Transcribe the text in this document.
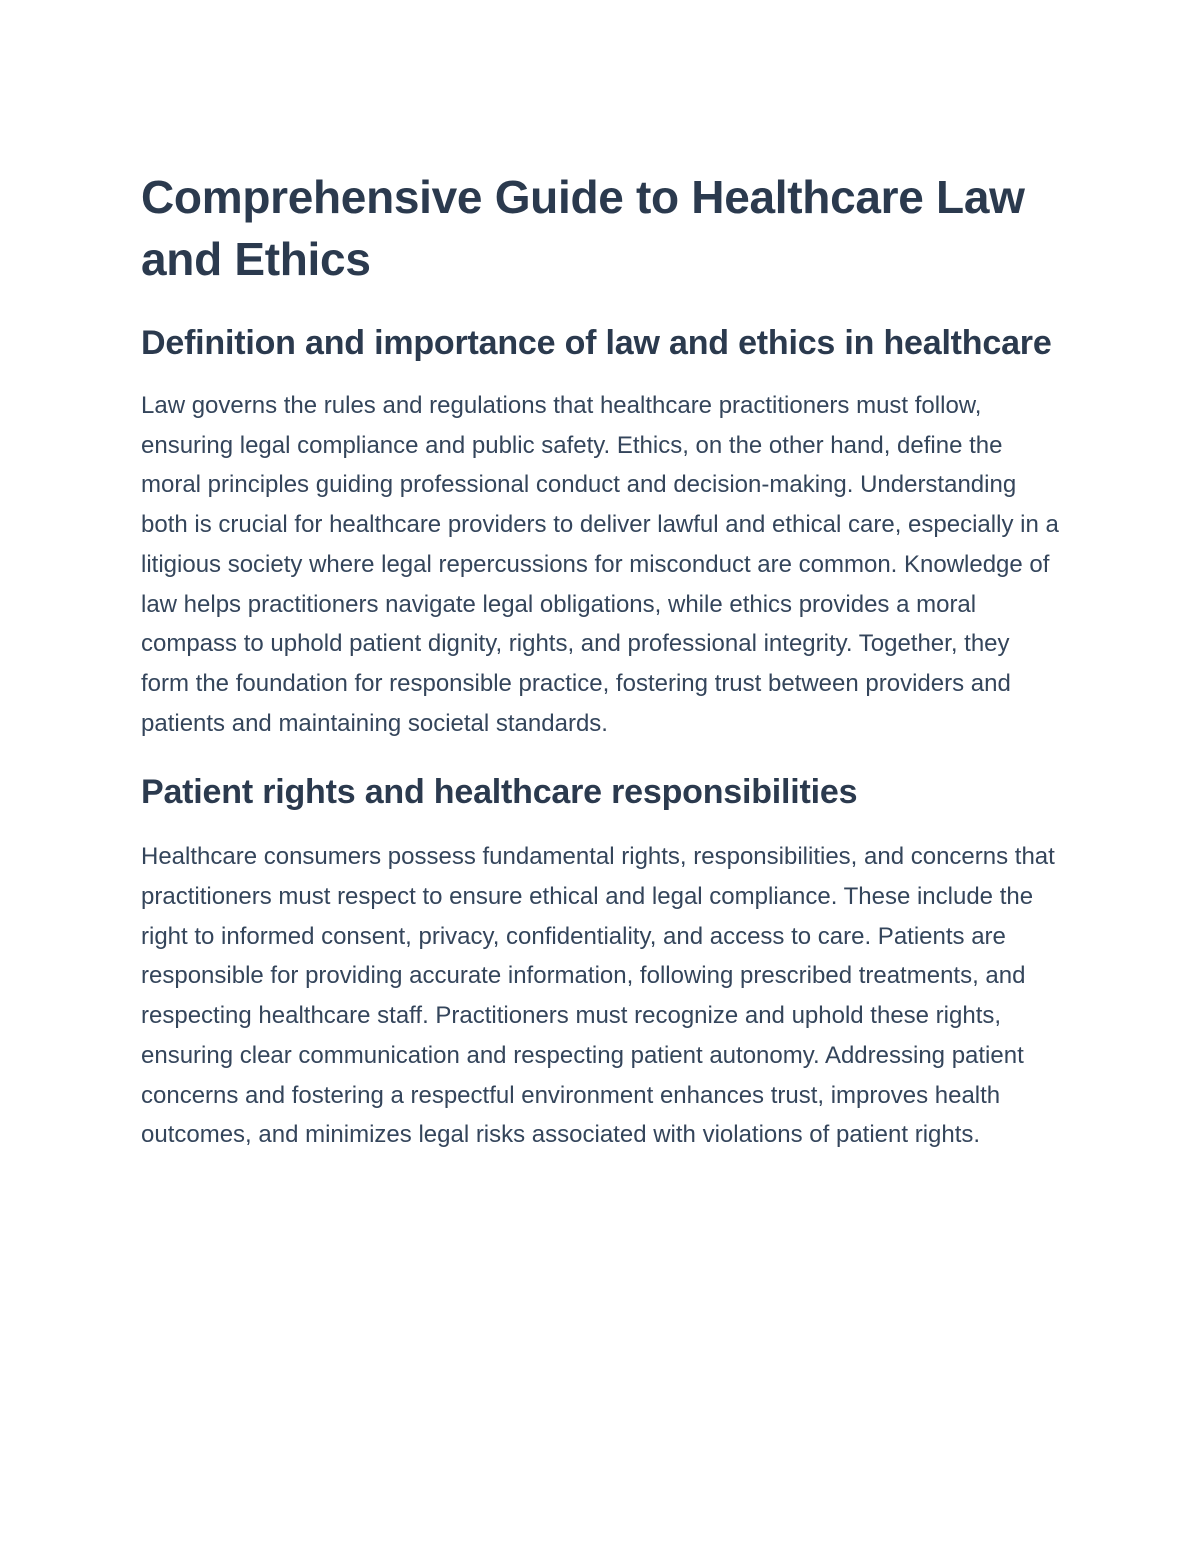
Comprehensive Guide to Healthcare Law and Ethics
Definition and importance of law and ethics in healthcare

Law governs the rules and regulations that healthcare practitioners must follow, ensuring legal compliance and public safety. Ethics, on the other hand, define the moral principles guiding professional conduct and decision-making. Understanding both is crucial for healthcare providers to deliver lawful and ethical care, especially in a litigious society where legal repercussions for misconduct are common. Knowledge of law helps practitioners navigate legal obligations, while ethics provides a moral compass to uphold patient dignity, rights, and professional integrity. Together, they form the foundation for responsible practice, fostering trust between providers and patients and maintaining societal standards.

Patient rights and healthcare responsibilities

Healthcare consumers possess fundamental rights, responsibilities, and concerns that practitioners must respect to ensure ethical and legal compliance. These include the right to informed consent, privacy, confidentiality, and access to care. Patients are responsible for providing accurate information, following prescribed treatments, and respecting healthcare staff. Practitioners must recognize and uphold these rights, ensuring clear communication and respecting patient autonomy. Addressing patient concerns and fostering a respectful environment enhances trust, improves health outcomes, and minimizes legal risks associated with violations of patient rights.
